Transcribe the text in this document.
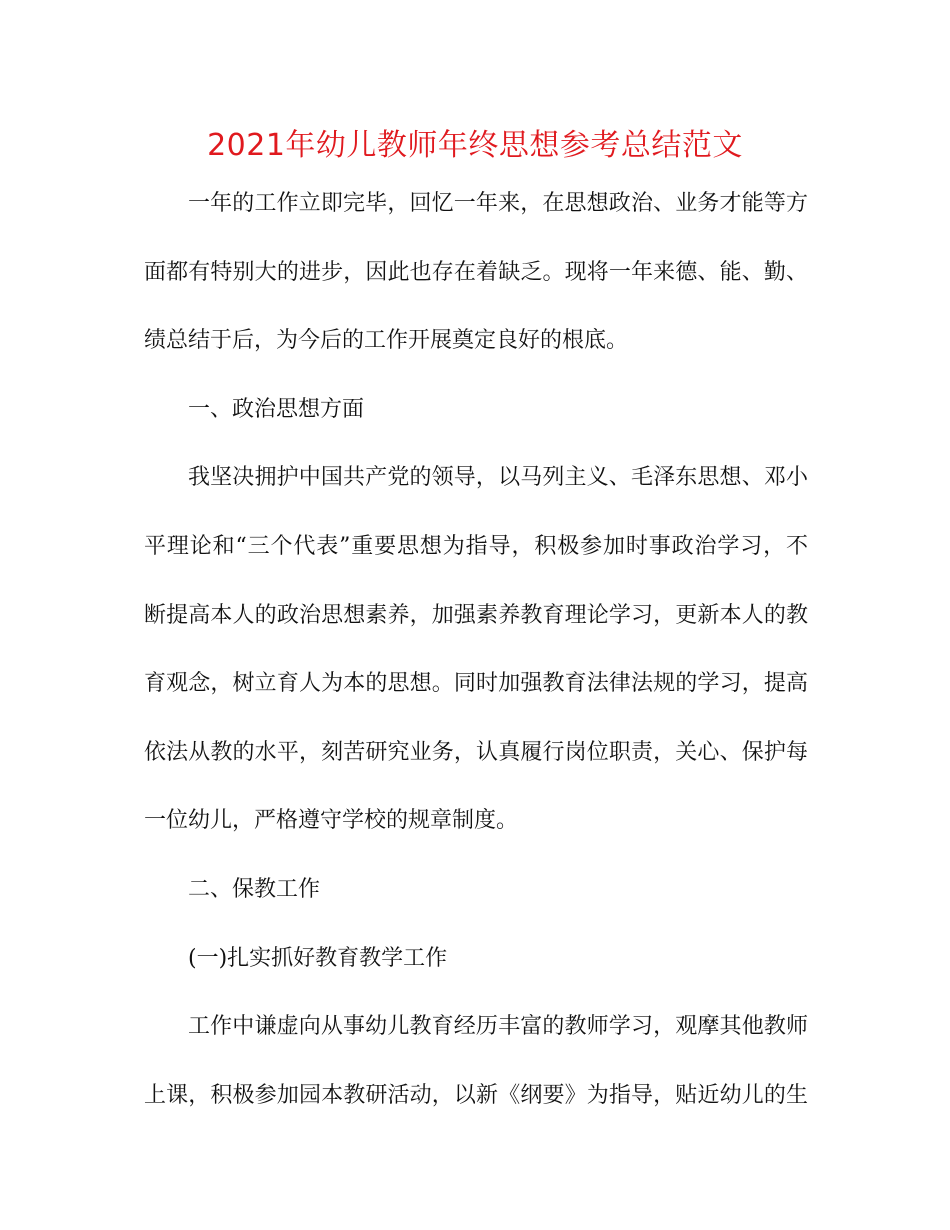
2021年幼儿教师年终思想参考总结范文
一年的工作立即完毕，回忆一年来，在思想政治、业务才能等方
面都有特别大的进步，因此也存在着缺乏。现将一年来德、能、勤、
绩总结于后，为今后的工作开展奠定良好的根底。
一、政治思想方面
我坚决拥护中国共产党的领导，以马列主义、毛泽东思想、邓小
平理论和“三个代表”重要思想为指导，积极参加时事政治学习，不
断提高本人的政治思想素养，加强素养教育理论学习，更新本人的教
育观念，树立育人为本的思想。同时加强教育法律法规的学习，提高
依法从教的水平，刻苦研究业务，认真履行岗位职责，关心、保护每
一位幼儿，严格遵守学校的规章制度。
二、保教工作
(一)扎实抓好教育教学工作
工作中谦虚向从事幼儿教育经历丰富的教师学习，观摩其他教师
上课，积极参加园本教研活动，以新《纲要》为指导，贴近幼儿的生
